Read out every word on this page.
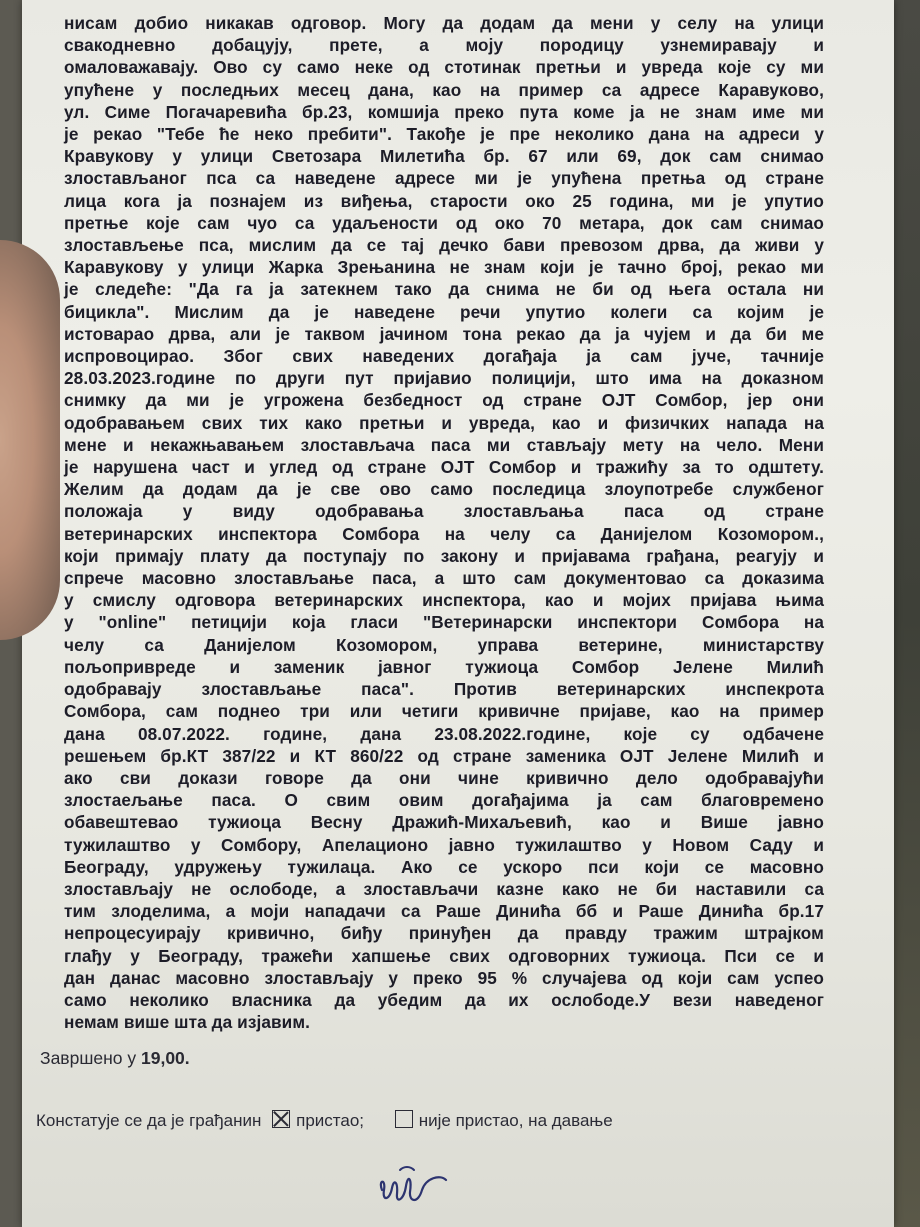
нисам добио никакав одговор. Могу да додам да мени у селу на улици
свакодневно добацују, прете, а мојy породицу узнемиравају и
омаловажавају. Ово су само неке од стотинак претњи и увреда које су ми
упућене у последњих месец дана, као на пример са адресе Каравуково,
ул. Симе Погачаревића бр.23, комшија преко пута коме ја не знам име ми
је рекао "Тебе ће неко пребити". Такође је пре неколико дана на адреси у
Кравукову у улици Светозара Милетића бр. 67 или 69, док сам снимао
злостављаног пса са наведене адресе ми је упућена претња од стране
лица кога ја познајем из виђења, старости око 25 година, ми је упутио
претње које сам чуо са удаљености од око 70 метара, док сам снимао
злостављење пса, мислим да се тај дечко бави превозом дрва, да живи у
Каравукову у улици Жарка Зрењанина не знам који је тачно број, рекао ми
је следеће: "Да га ја затекнем тако да снима не би од њега остала ни
бицикла". Мислим да је наведене речи упутио колеги са којим је
истоварао дрва, али је таквом јачином тона рекао да ја чујем и да би ме
испровоцирао. Због свих наведених догађаја ја сам јуче, тачније
28.03.2023.године по други пут пријавио полицији, што има на доказном
снимку да ми је угрожена безбедност од стране ОЈТ Сомбор, јер они
одобравањем свих тих како претњи и увреда, као и физичких напада на
мене и некажњавањем злостављача паса ми стављају мету на чело. Мени
је нарушена част и углед од стране ОЈТ Сомбор и тражићу за то одштету.
Желим да додам да је све ово само последица злоупотребе службеног
положаја у виду одобравања злостављања паса од стране
ветеринарских инспектора Сомбора на челу са Данијелом Козомором.,
који примају плату да поступају по закону и пријавама грађана, реагују и
спрече масовно злостављање паса, а што сам документовао са доказима
у смислу одговора ветеринарских инспектора, као и мојих пријава њима
у "online" петицији која гласи "Ветеринарски инспектори Сомбора на
челу са Данијелом Козомором, управа ветерине, министарству
пољопривреде и заменик јавног тужиоца Сомбор Јелене Милић
одобравају злостављање паса". Против ветеринарских инспекрота
Сомбора, сам поднео три или четиги кривичне пријаве, као на пример
дана 08.07.2022. године, дана 23.08.2022.године, које су одбачене
решењем бр.КТ 387/22 и КТ 860/22 од стране заменика ОЈТ Јелене Милић и
ако сви докази говоре да они чине кривично дело одобравајући
злостаељање паса. О свим овим догађајима ја сам благовремено
обавештевао тужиоца Весну Дражић-Михаљевић, као и Више јавно
тужилаштво у Сомбору, Апелационо јавно тужилаштво у Новом Саду и
Београду, удружењу тужилаца. Ако се ускоро пси који се масовно
злостављају не ослободе, а злостављачи казне како не би наставили са
тим злоделима, а моји нападачи са Раше Динића бб и Раше Динића бр.17
непроцесуирају кривично, биђу принуђен да правду тражим штрајком
глађу у Београду, тражећи хапшење свих одговорних тужиоца. Пси се и
дан данас масовно злостављају у преко 95 % случајева од који сам успео
само неколико власника да убедим да их ослободе.У вези наведеног
немам више шта да изјавим.
Завршено у 19,00.
Констатује се да је грађанин пристао;	није пристао, на давање
